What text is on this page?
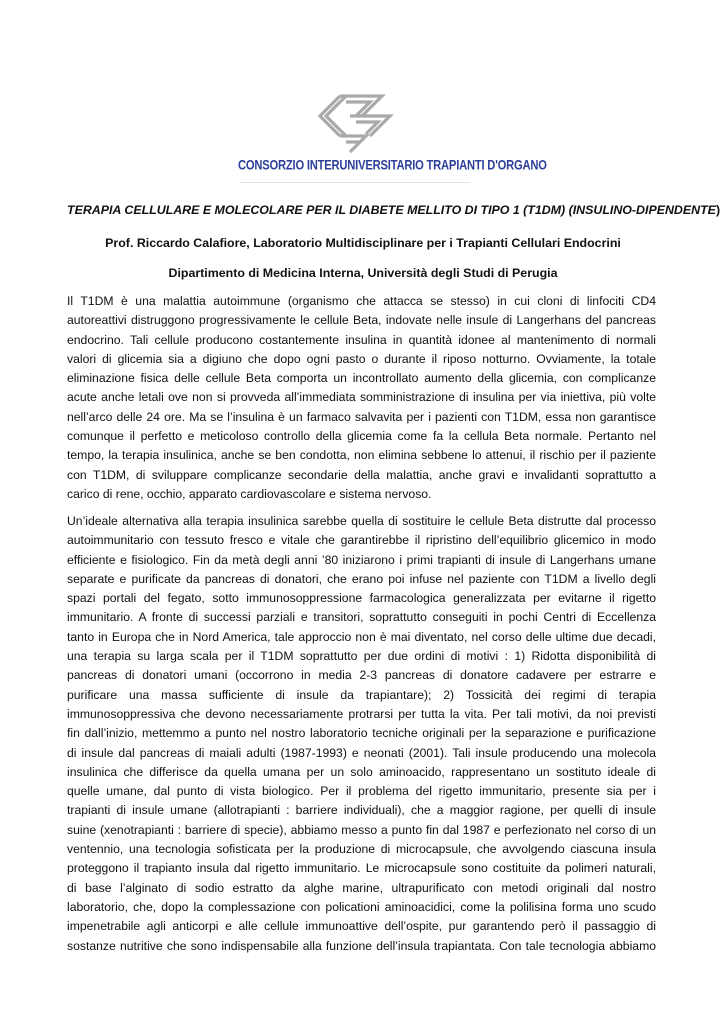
CONSORZIO INTERUNIVERSITARIO TRAPIANTI D'ORGANO
TERAPIA CELLULARE E MOLECOLARE PER IL DIABETE MELLITO DI TIPO 1 (T1DM) (INSULINO-DIPENDENTE)
Prof. Riccardo Calafiore, Laboratorio Multidisciplinare per i Trapianti Cellulari Endocrini
Dipartimento di Medicina Interna, Università degli Studi di Perugia
Il T1DM è una malattia autoimmune (organismo che attacca se stesso) in cui cloni di linfociti CD4
autoreattivi distruggono progressivamente le cellule Beta, indovate nelle insule di Langerhans del pancreas
endocrino. Tali cellule producono costantemente insulina in quantità idonee al mantenimento di normali
valori di glicemia sia a digiuno che dopo ogni pasto o durante il riposo notturno. Ovviamente, la totale
eliminazione fisica delle cellule Beta comporta un incontrollato aumento della glicemia, con complicanze
acute anche letali ove non si provveda all’immediata somministrazione di insulina per via iniettiva, più volte
nell’arco delle 24 ore. Ma se l’insulina è un farmaco salvavita per i pazienti con T1DM, essa non garantisce
comunque il perfetto e meticoloso controllo della glicemia come fa la cellula Beta normale. Pertanto nel
tempo, la terapia insulinica, anche se ben condotta, non elimina sebbene lo attenui, il rischio per il paziente
con T1DM, di sviluppare complicanze secondarie della malattia, anche gravi e invalidanti soprattutto a
carico di rene, occhio, apparato cardiovascolare e sistema nervoso.
Un’ideale alternativa alla terapia insulinica sarebbe quella di sostituire le cellule Beta distrutte dal processo
autoimmunitario con tessuto fresco e vitale che garantirebbe il ripristino dell’equilibrio glicemico in modo
efficiente e fisiologico. Fin da metà degli anni ’80 iniziarono i primi trapianti di insule di Langerhans umane
separate e purificate da pancreas di donatori, che erano poi infuse nel paziente con T1DM a livello degli
spazi portali del fegato, sotto immunosoppressione farmacologica generalizzata per evitarne il rigetto
immunitario. A fronte di successi parziali e transitori, soprattutto conseguiti in pochi Centri di Eccellenza
tanto in Europa che in Nord America, tale approccio non è mai diventato, nel corso delle ultime due decadi,
una terapia su larga scala per il T1DM soprattutto per due ordini di motivi : 1) Ridotta disponibilità di
pancreas di donatori umani (occorrono in media 2-3 pancreas di donatore cadavere per estrarre e
purificare una massa sufficiente di insule da trapiantare); 2) Tossicità dei regimi di terapia
immunosoppressiva che devono necessariamente protrarsi per tutta la vita. Per tali motivi, da noi previsti
fin dall’inizio, mettemmo a punto nel nostro laboratorio tecniche originali per la separazione e purificazione
di insule dal pancreas di maiali adulti (1987-1993) e neonati (2001). Tali insule producendo una molecola
insulinica che differisce da quella umana per un solo aminoacido, rappresentano un sostituto ideale di
quelle umane, dal punto di vista biologico. Per il problema del rigetto immunitario, presente sia per i
trapianti di insule umane (allotrapianti : barriere individuali), che a maggior ragione, per quelli di insule
suine (xenotrapianti : barriere di specie), abbiamo messo a punto fin dal 1987 e perfezionato nel corso di un
ventennio, una tecnologia sofisticata per la produzione di microcapsule, che avvolgendo ciascuna insula
proteggono il trapianto insula dal rigetto immunitario. Le microcapsule sono costituite da polimeri naturali,
di base l’alginato di sodio estratto da alghe marine, ultrapurificato con metodi originali dal nostro
laboratorio, che, dopo la complessazione con policationi aminoacidici, come la polilisina forma uno scudo
impenetrabile agli anticorpi e alle cellule immunoattive dell’ospite, pur garantendo però il passaggio di
sostanze nutritive che sono indispensabile alla funzione dell’insula trapiantata. Con tale tecnologia abbiamo
